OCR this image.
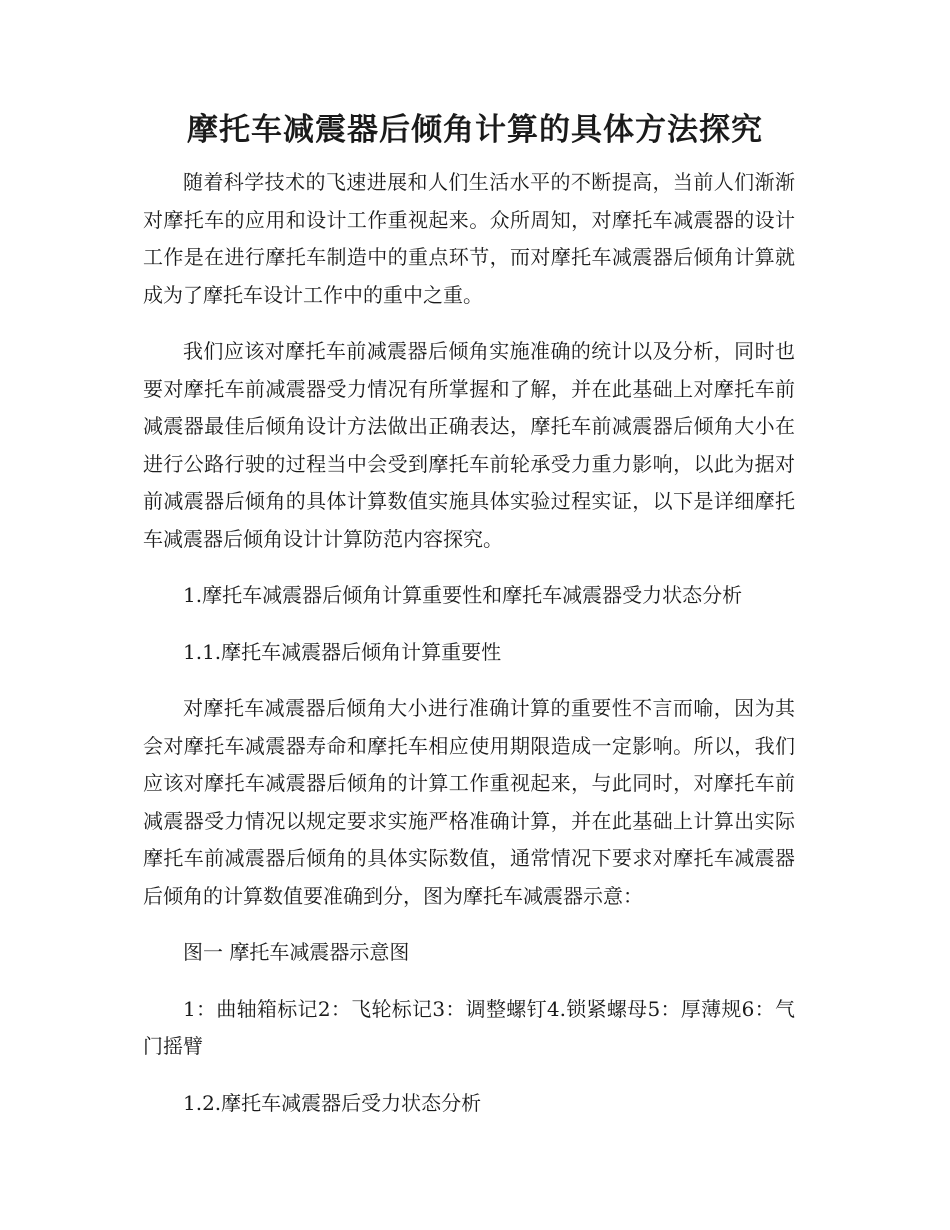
摩托车减震器后倾角计算的具体方法探究

随着科学技术的飞速进展和人们生活水平的不断提高，当前人们渐渐对摩托车的应用和设计工作重视起来。众所周知，对摩托车减震器的设计工作是在进行摩托车制造中的重点环节，而对摩托车减震器后倾角计算就成为了摩托车设计工作中的重中之重。

我们应该对摩托车前减震器后倾角实施准确的统计以及分析，同时也要对摩托车前减震器受力情况有所掌握和了解，并在此基础上对摩托车前减震器最佳后倾角设计方法做出正确表达，摩托车前减震器后倾角大小在进行公路行驶的过程当中会受到摩托车前轮承受力重力影响，以此为据对前减震器后倾角的具体计算数值实施具体实验过程实证，以下是详细摩托车减震器后倾角设计计算防范内容探究。

1.摩托车减震器后倾角计算重要性和摩托车减震器受力状态分析

1.1.摩托车减震器后倾角计算重要性

对摩托车减震器后倾角大小进行准确计算的重要性不言而喻，因为其会对摩托车减震器寿命和摩托车相应使用期限造成一定影响。所以，我们应该对摩托车减震器后倾角的计算工作重视起来，与此同时，对摩托车前减震器受力情况以规定要求实施严格准确计算，并在此基础上计算出实际摩托车前减震器后倾角的具体实际数值，通常情况下要求对摩托车减震器后倾角的计算数值要准确到分，图为摩托车减震器示意：

图一 摩托车减震器示意图

1：曲轴箱标记2：飞轮标记3：调整螺钉4.锁紧螺母5：厚薄规6：气门摇臂

1.2.摩托车减震器后受力状态分析
